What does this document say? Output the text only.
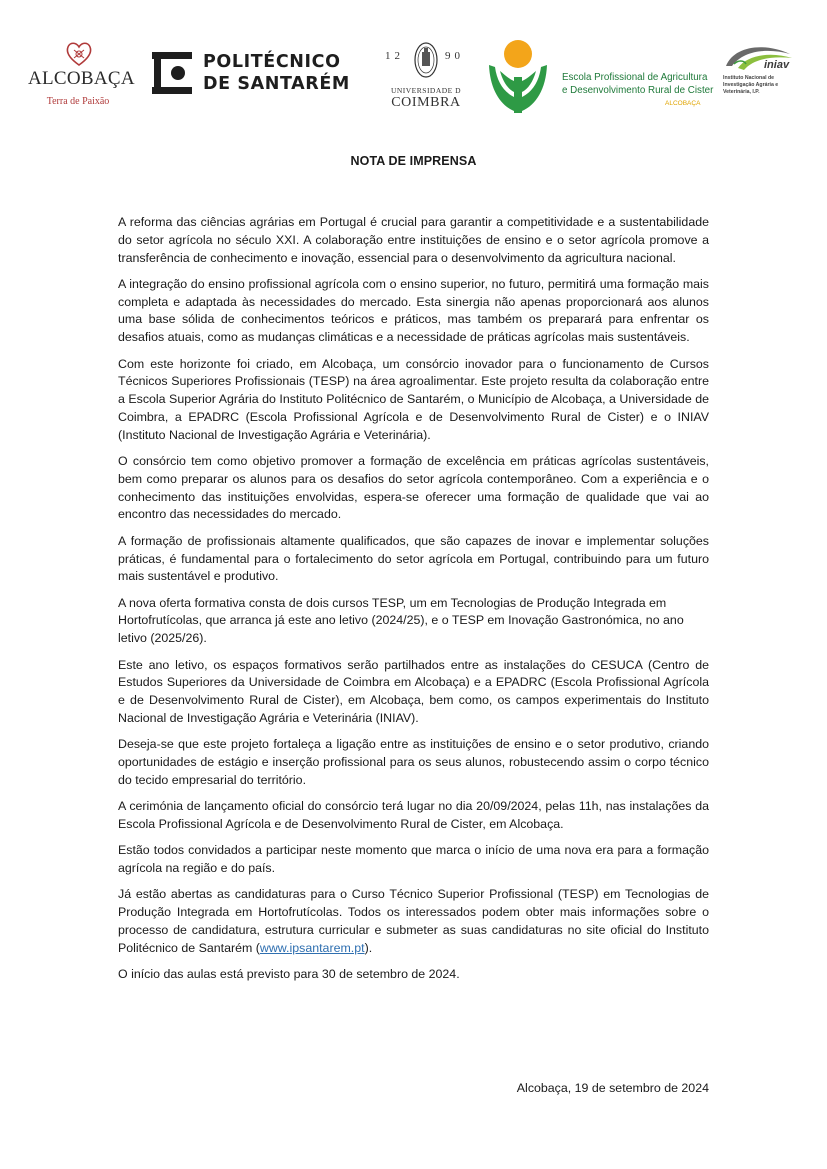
ALCOBAÇA
Terra de Paixão
POLITÉCNICO
DE SANTARÉM
12	90
UNIVERSIDADE D
COIMBRA
Escola Profissional de Agricultura
e Desenvolvimento Rural de Cister
ALCOBAÇA
iniav
Instituto Nacional de
Investigação Agrária e
Veterinária, I.P.
NOTA DE IMPRENSA

A reforma das ciências agrárias em Portugal é crucial para garantir a competitividade e a sustentabilidade do setor agrícola no século XXI. A colaboração entre instituições de ensino e o setor agrícola promove a transferência de conhecimento e inovação, essencial para o desenvolvimento da agricultura nacional.

A integração do ensino profissional agrícola com o ensino superior, no futuro, permitirá uma formação mais completa e adaptada às necessidades do mercado. Esta sinergia não apenas proporcionará aos alunos uma base sólida de conhecimentos teóricos e práticos, mas também os preparará para enfrentar os desafios atuais, como as mudanças climáticas e a necessidade de práticas agrícolas mais sustentáveis.

Com este horizonte foi criado, em Alcobaça, um consórcio inovador para o funcionamento de Cursos Técnicos Superiores Profissionais (TESP) na área agroalimentar. Este projeto resulta da colaboração entre a Escola Superior Agrária do Instituto Politécnico de Santarém, o Município de Alcobaça, a Universidade de Coimbra, a EPADRC (Escola Profissional Agrícola e de Desenvolvimento Rural de Cister) e o INIAV (Instituto Nacional de Investigação Agrária e Veterinária).

O consórcio tem como objetivo promover a formação de excelência em práticas agrícolas sustentáveis, bem como preparar os alunos para os desafios do setor agrícola contemporâneo. Com a experiência e o conhecimento das instituições envolvidas, espera-se oferecer uma formação de qualidade que vai ao encontro das necessidades do mercado.

A formação de profissionais altamente qualificados, que são capazes de inovar e implementar soluções práticas, é fundamental para o fortalecimento do setor agrícola em Portugal, contribuindo para um futuro mais sustentável e produtivo.

A nova oferta formativa consta de dois cursos TESP, um em Tecnologias de Produção Integrada em Hortofrutícolas, que arranca já este ano letivo (2024/25), e o TESP em Inovação Gastronómica, no ano letivo (2025/26).

Este ano letivo, os espaços formativos serão partilhados entre as instalações do CESUCA (Centro de Estudos Superiores da Universidade de Coimbra em Alcobaça) e a EPADRC (Escola Profissional Agrícola e de Desenvolvimento Rural de Cister), em Alcobaça, bem como, os campos experimentais do Instituto Nacional de Investigação Agrária e Veterinária (INIAV).

Deseja-se que este projeto fortaleça a ligação entre as instituições de ensino e o setor produtivo, criando oportunidades de estágio e inserção profissional para os seus alunos, robustecendo assim o corpo técnico do tecido empresarial do território.

A cerimónia de lançamento oficial do consórcio terá lugar no dia 20/09/2024, pelas 11h, nas instalações da Escola Profissional Agrícola e de Desenvolvimento Rural de Cister, em Alcobaça.

Estão todos convidados a participar neste momento que marca o início de uma nova era para a formação agrícola na região e do país.

Já estão abertas as candidaturas para o Curso Técnico Superior Profissional (TESP) em Tecnologias de Produção Integrada em Hortofrutícolas. Todos os interessados podem obter mais informações sobre o processo de candidatura, estrutura curricular e submeter as suas candidaturas no site oficial do Instituto Politécnico de Santarém (www.ipsantarem.pt).

O início das aulas está previsto para 30 de setembro de 2024.

Alcobaça, 19 de setembro de 2024
